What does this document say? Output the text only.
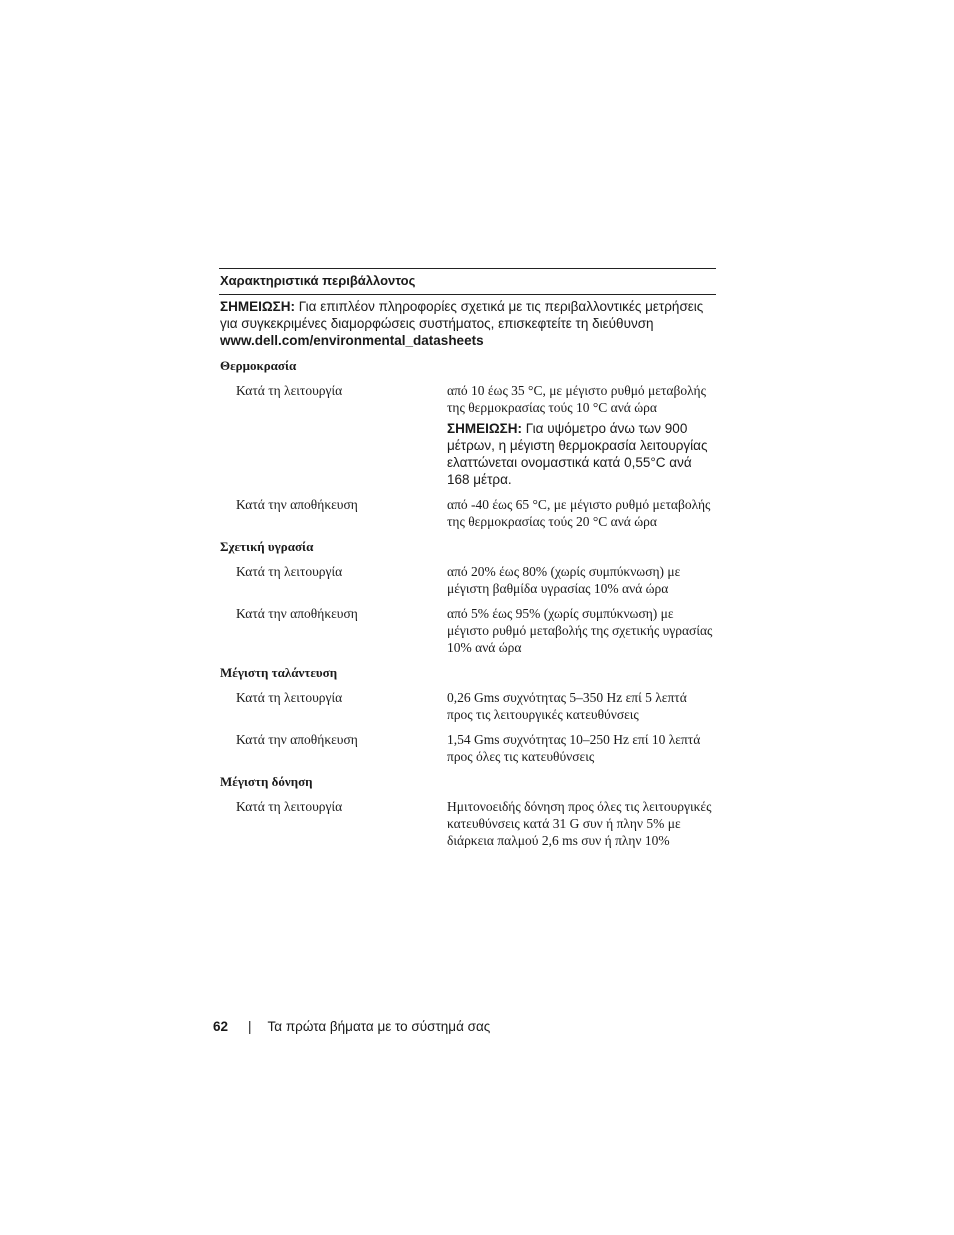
Χαρακτηριστικά περιβάλλοντος
ΣΗΜΕΙΩΣΗ: Για επιπλέον πληροφορίες σχετικά με τις περιβαλλοντικές μετρήσεις για συγκεκριμένες διαμορφώσεις συστήματος, επισκεφτείτε τη διεύθυνση www.dell.com/environmental_datasheets
Θερμοκρασία
Κατά τη λειτουργία	από 10 έως 35 °C, με μέγιστο ρυθμό μεταβολής της θερμοκρασίας τούς 10 °C ανά ώρα
ΣΗΜΕΙΩΣΗ: Για υψόμετρο άνω των 900 μέτρων, η μέγιστη θερμοκρασία λειτουργίας ελαττώνεται ονομαστικά κατά 0,55°C ανά 168 μέτρα.
Κατά την αποθήκευση	από -40 έως 65 °C, με μέγιστο ρυθμό μεταβολής της θερμοκρασίας τούς 20 °C ανά ώρα
Σχετική υγρασία
Κατά τη λειτουργία	από 20% έως 80% (χωρίς συμπύκνωση) με μέγιστη βαθμίδα υγρασίας 10% ανά ώρα
Κατά την αποθήκευση	από 5% έως 95% (χωρίς συμπύκνωση) με μέγιστο ρυθμό μεταβολής της σχετικής υγρασίας 10% ανά ώρα
Μέγιστη ταλάντευση
Κατά τη λειτουργία	0,26 Gms συχνότητας 5–350 Hz επί 5 λεπτά προς τις λειτουργικές κατευθύνσεις
Κατά την αποθήκευση	1,54 Gms συχνότητας 10–250 Hz επί 10 λεπτά προς όλες τις κατευθύνσεις
Μέγιστη δόνηση
Κατά τη λειτουργία	Ημιτονοειδής δόνηση προς όλες τις λειτουργικές κατευθύνσεις κατά 31 G συν ή πλην 5% με διάρκεια παλμού 2,6 ms συν ή πλην 10%
62 | Τα πρώτα βήματα με το σύστημά σας
